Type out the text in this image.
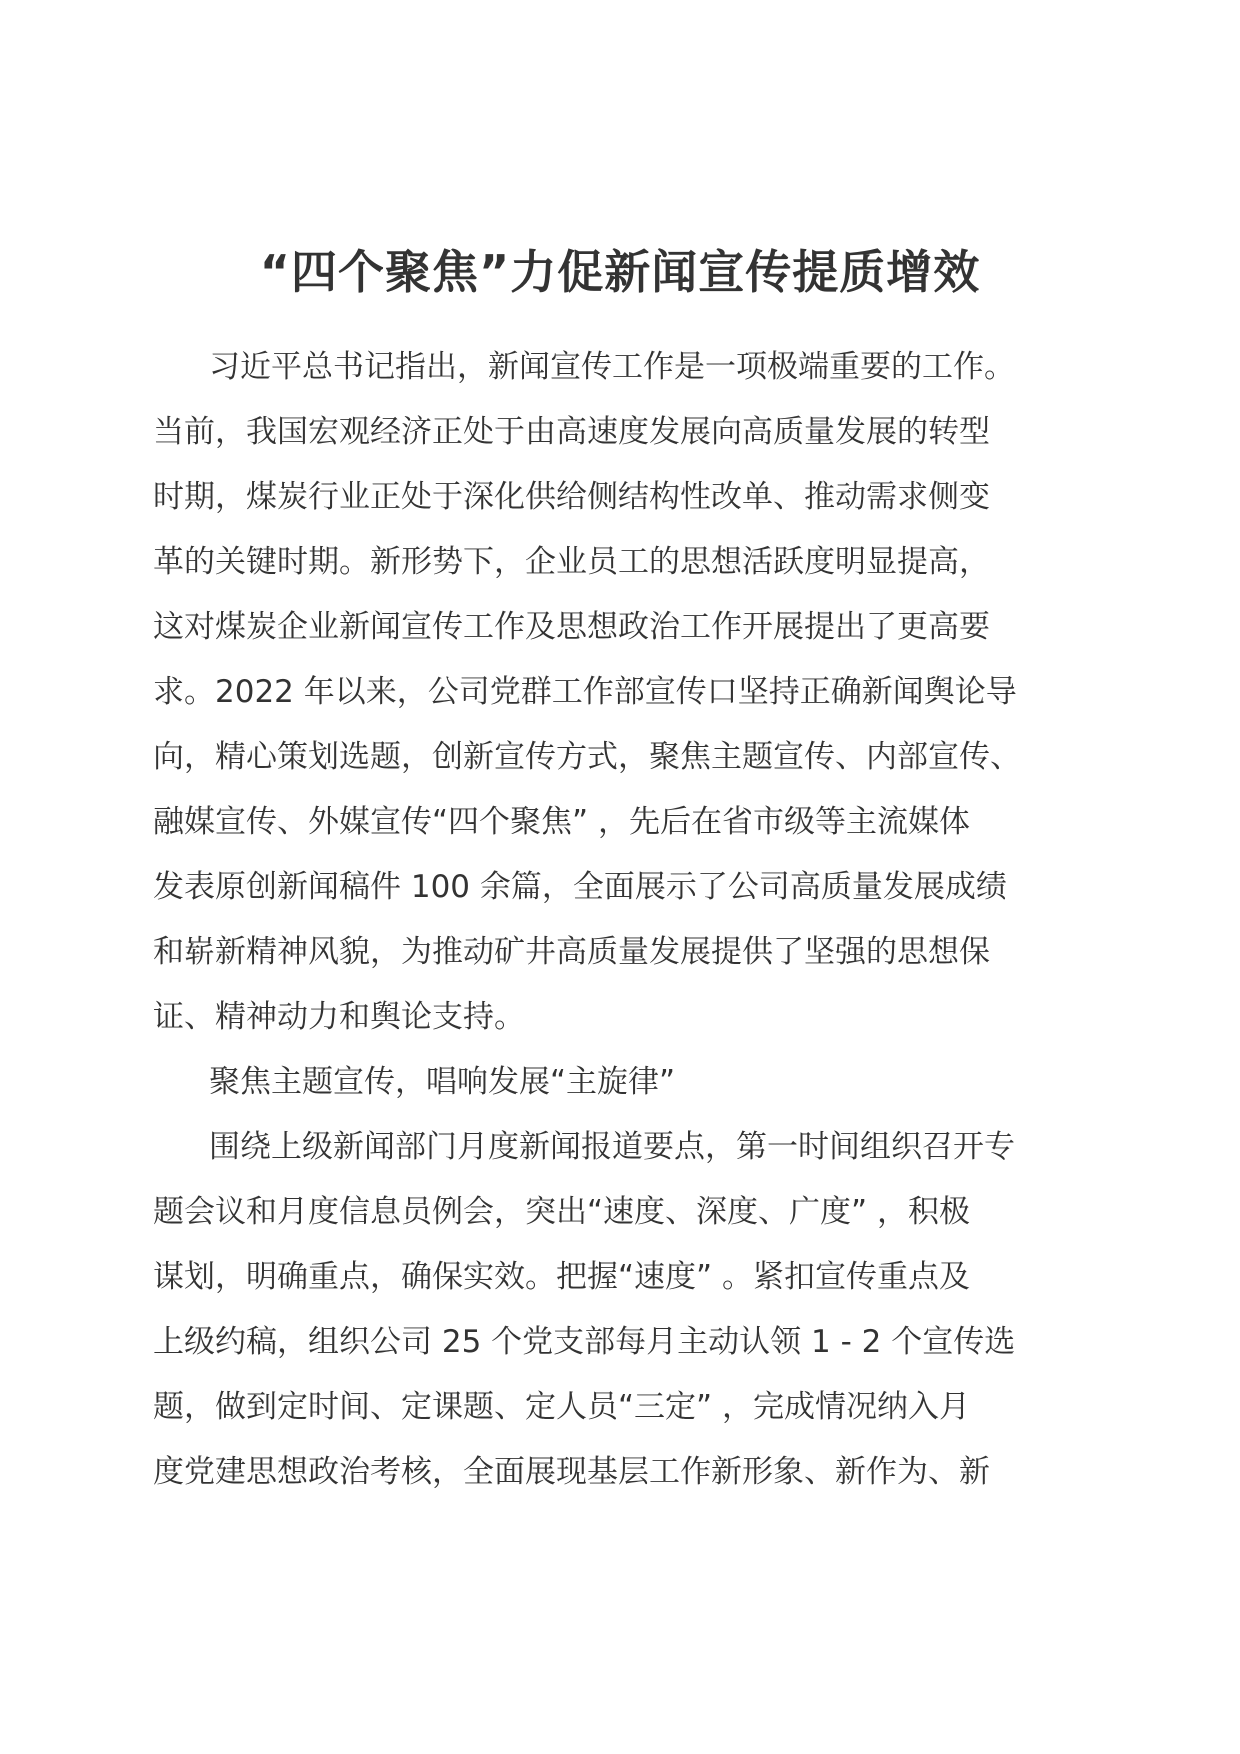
“四个聚焦”力促新闻宣传提质增效
习近平总书记指出，新闻宣传工作是一项极端重要的工作。
当前，我国宏观经济正处于由高速度发展向高质量发展的转型
时期，煤炭行业正处于深化供给侧结构性改单、推动需求侧变
革的关键时期。新形势下，企业员工的思想活跃度明显提高，
这对煤炭企业新闻宣传工作及思想政治工作开展提出了更高要
求。2022 年以来，公司党群工作部宣传口坚持正确新闻舆论导
向，精心策划选题，创新宣传方式，聚焦主题宣传、内部宣传、
融媒宣传、外媒宣传“四个聚焦” ，先后在省市级等主流媒体
发表原创新闻稿件 100 余篇，全面展示了公司高质量发展成绩
和崭新精神风貌，为推动矿井高质量发展提供了坚强的思想保
证、精神动力和舆论支持。
聚焦主题宣传，唱响发展“主旋律”
围绕上级新闻部门月度新闻报道要点，第一时间组织召开专
题会议和月度信息员例会，突出“速度、深度、广度” ，积极
谋划，明确重点，确保实效。把握“速度” 。紧扣宣传重点及
上级约稿，组织公司 25 个党支部每月主动认领 1 - 2 个宣传选
题，做到定时间、定课题、定人员“三定” ，完成情况纳入月
度党建思想政治考核，全面展现基层工作新形象、新作为、新
